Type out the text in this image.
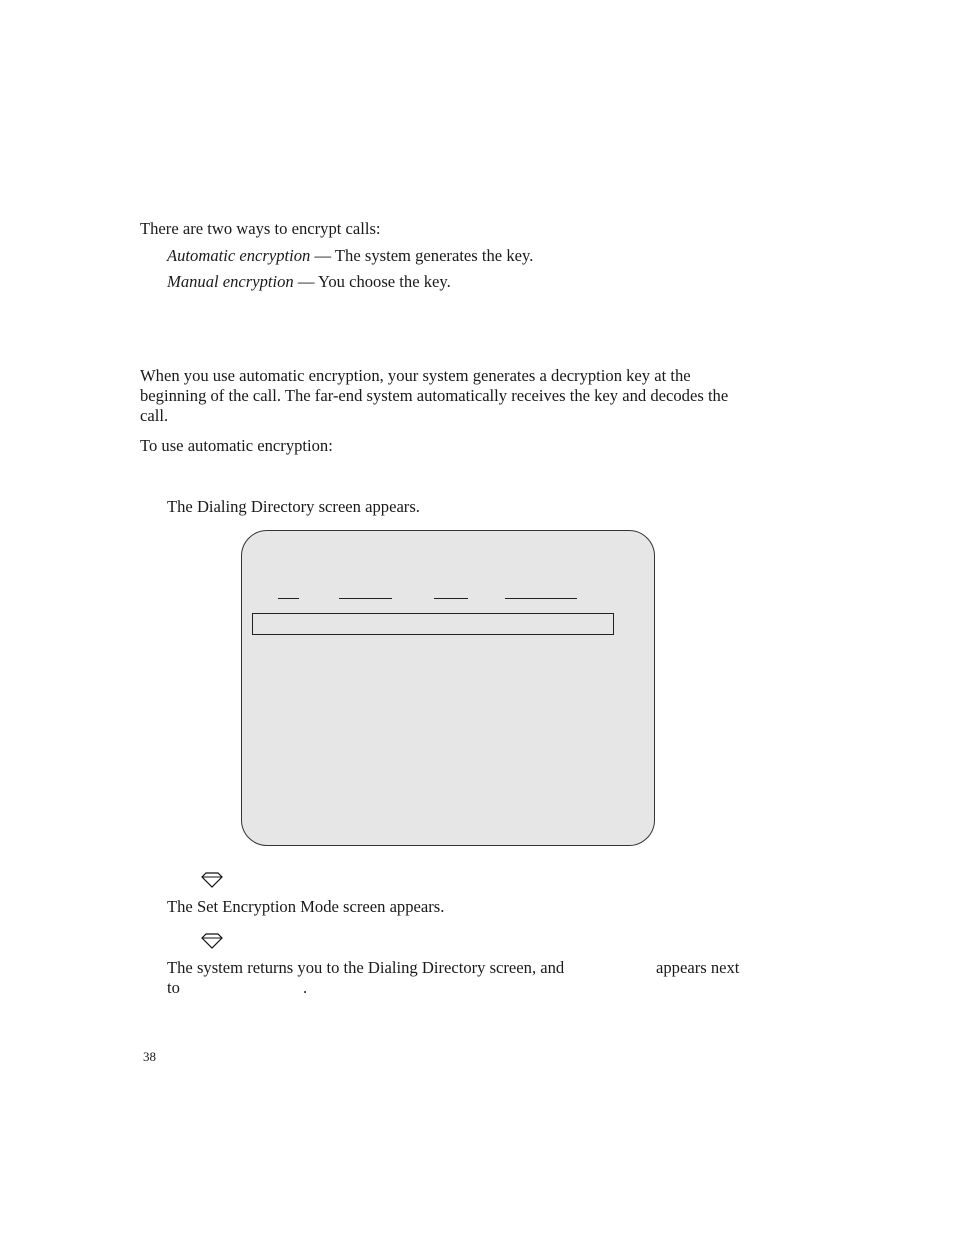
There are two ways to encrypt calls:
Automatic encryption — The system generates the key.
Manual encryption — You choose the key.
When you use automatic encryption, your system generates a decryption key at the beginning of the call. The far-end system automatically receives the key and decodes the call.
To use automatic encryption:
The Dialing Directory screen appears.
The Set Encryption Mode screen appears.
The system returns you to the Dialing Directory screen, and	appears next
to	.
38
